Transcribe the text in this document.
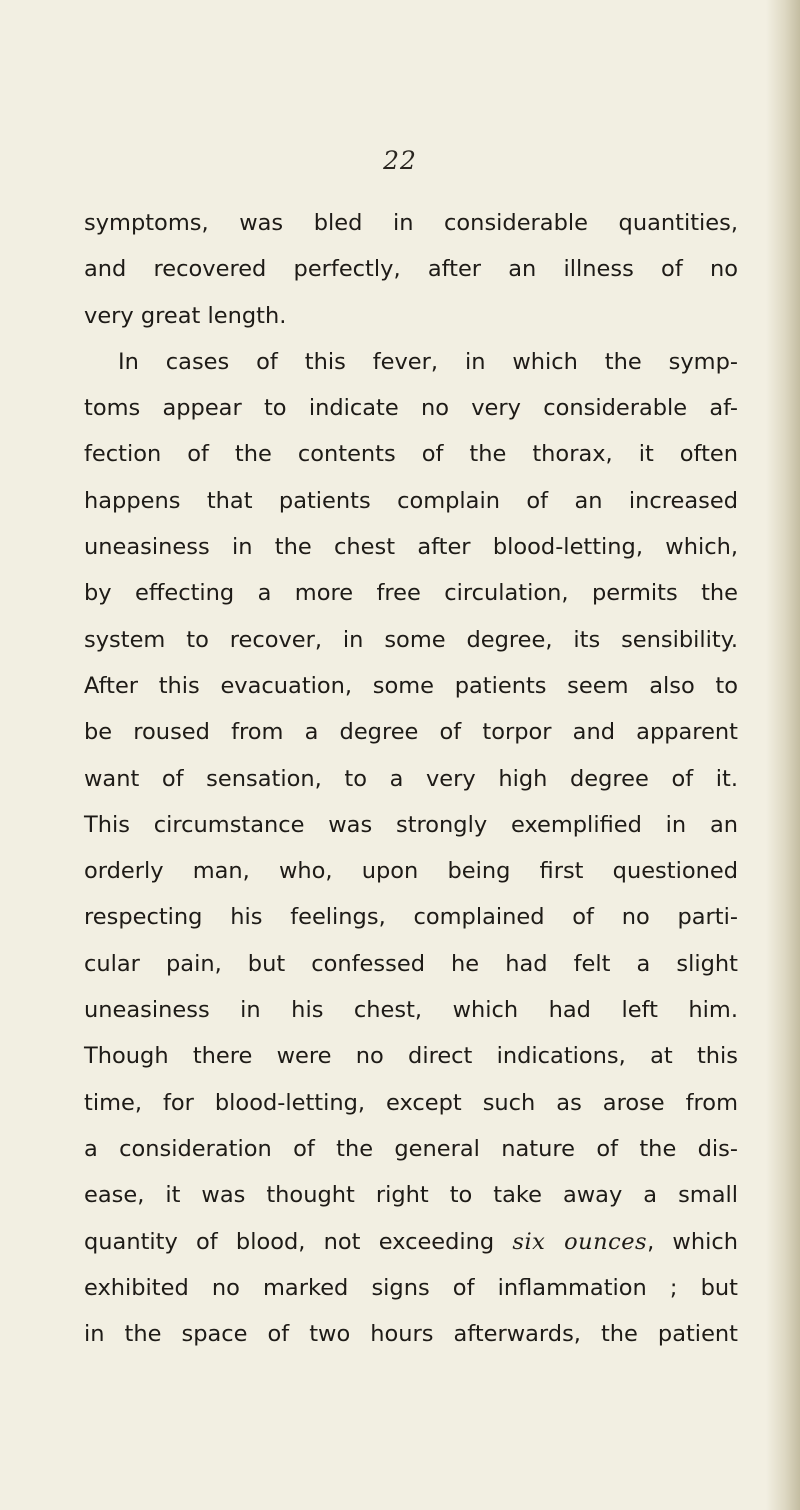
22
symptoms, was bled in considerable quantities,
and recovered perfectly, after an illness of no
very great length.
In cases of this fever, in which the symp-
toms appear to indicate no very considerable af-
fection of the contents of the thorax, it often
happens that patients complain of an increased
uneasiness in the chest after blood-letting, which,
by effecting a more free circulation, permits the
system to recover, in some degree, its sensibility.
After this evacuation, some patients seem also to
be roused from a degree of torpor and apparent
want of sensation, to a very high degree of it.
This circumstance was strongly exemplified in an
orderly man, who, upon being first questioned
respecting his feelings, complained of no parti-
cular pain, but confessed he had felt a slight
uneasiness in his chest, which had left him.
Though there were no direct indications, at this
time, for blood-letting, except such as arose from
a consideration of the general nature of the dis-
ease, it was thought right to take away a small
quantity of blood, not exceeding six ounces, which
exhibited no marked signs of inflammation ; but
in the space of two hours afterwards, the patient
